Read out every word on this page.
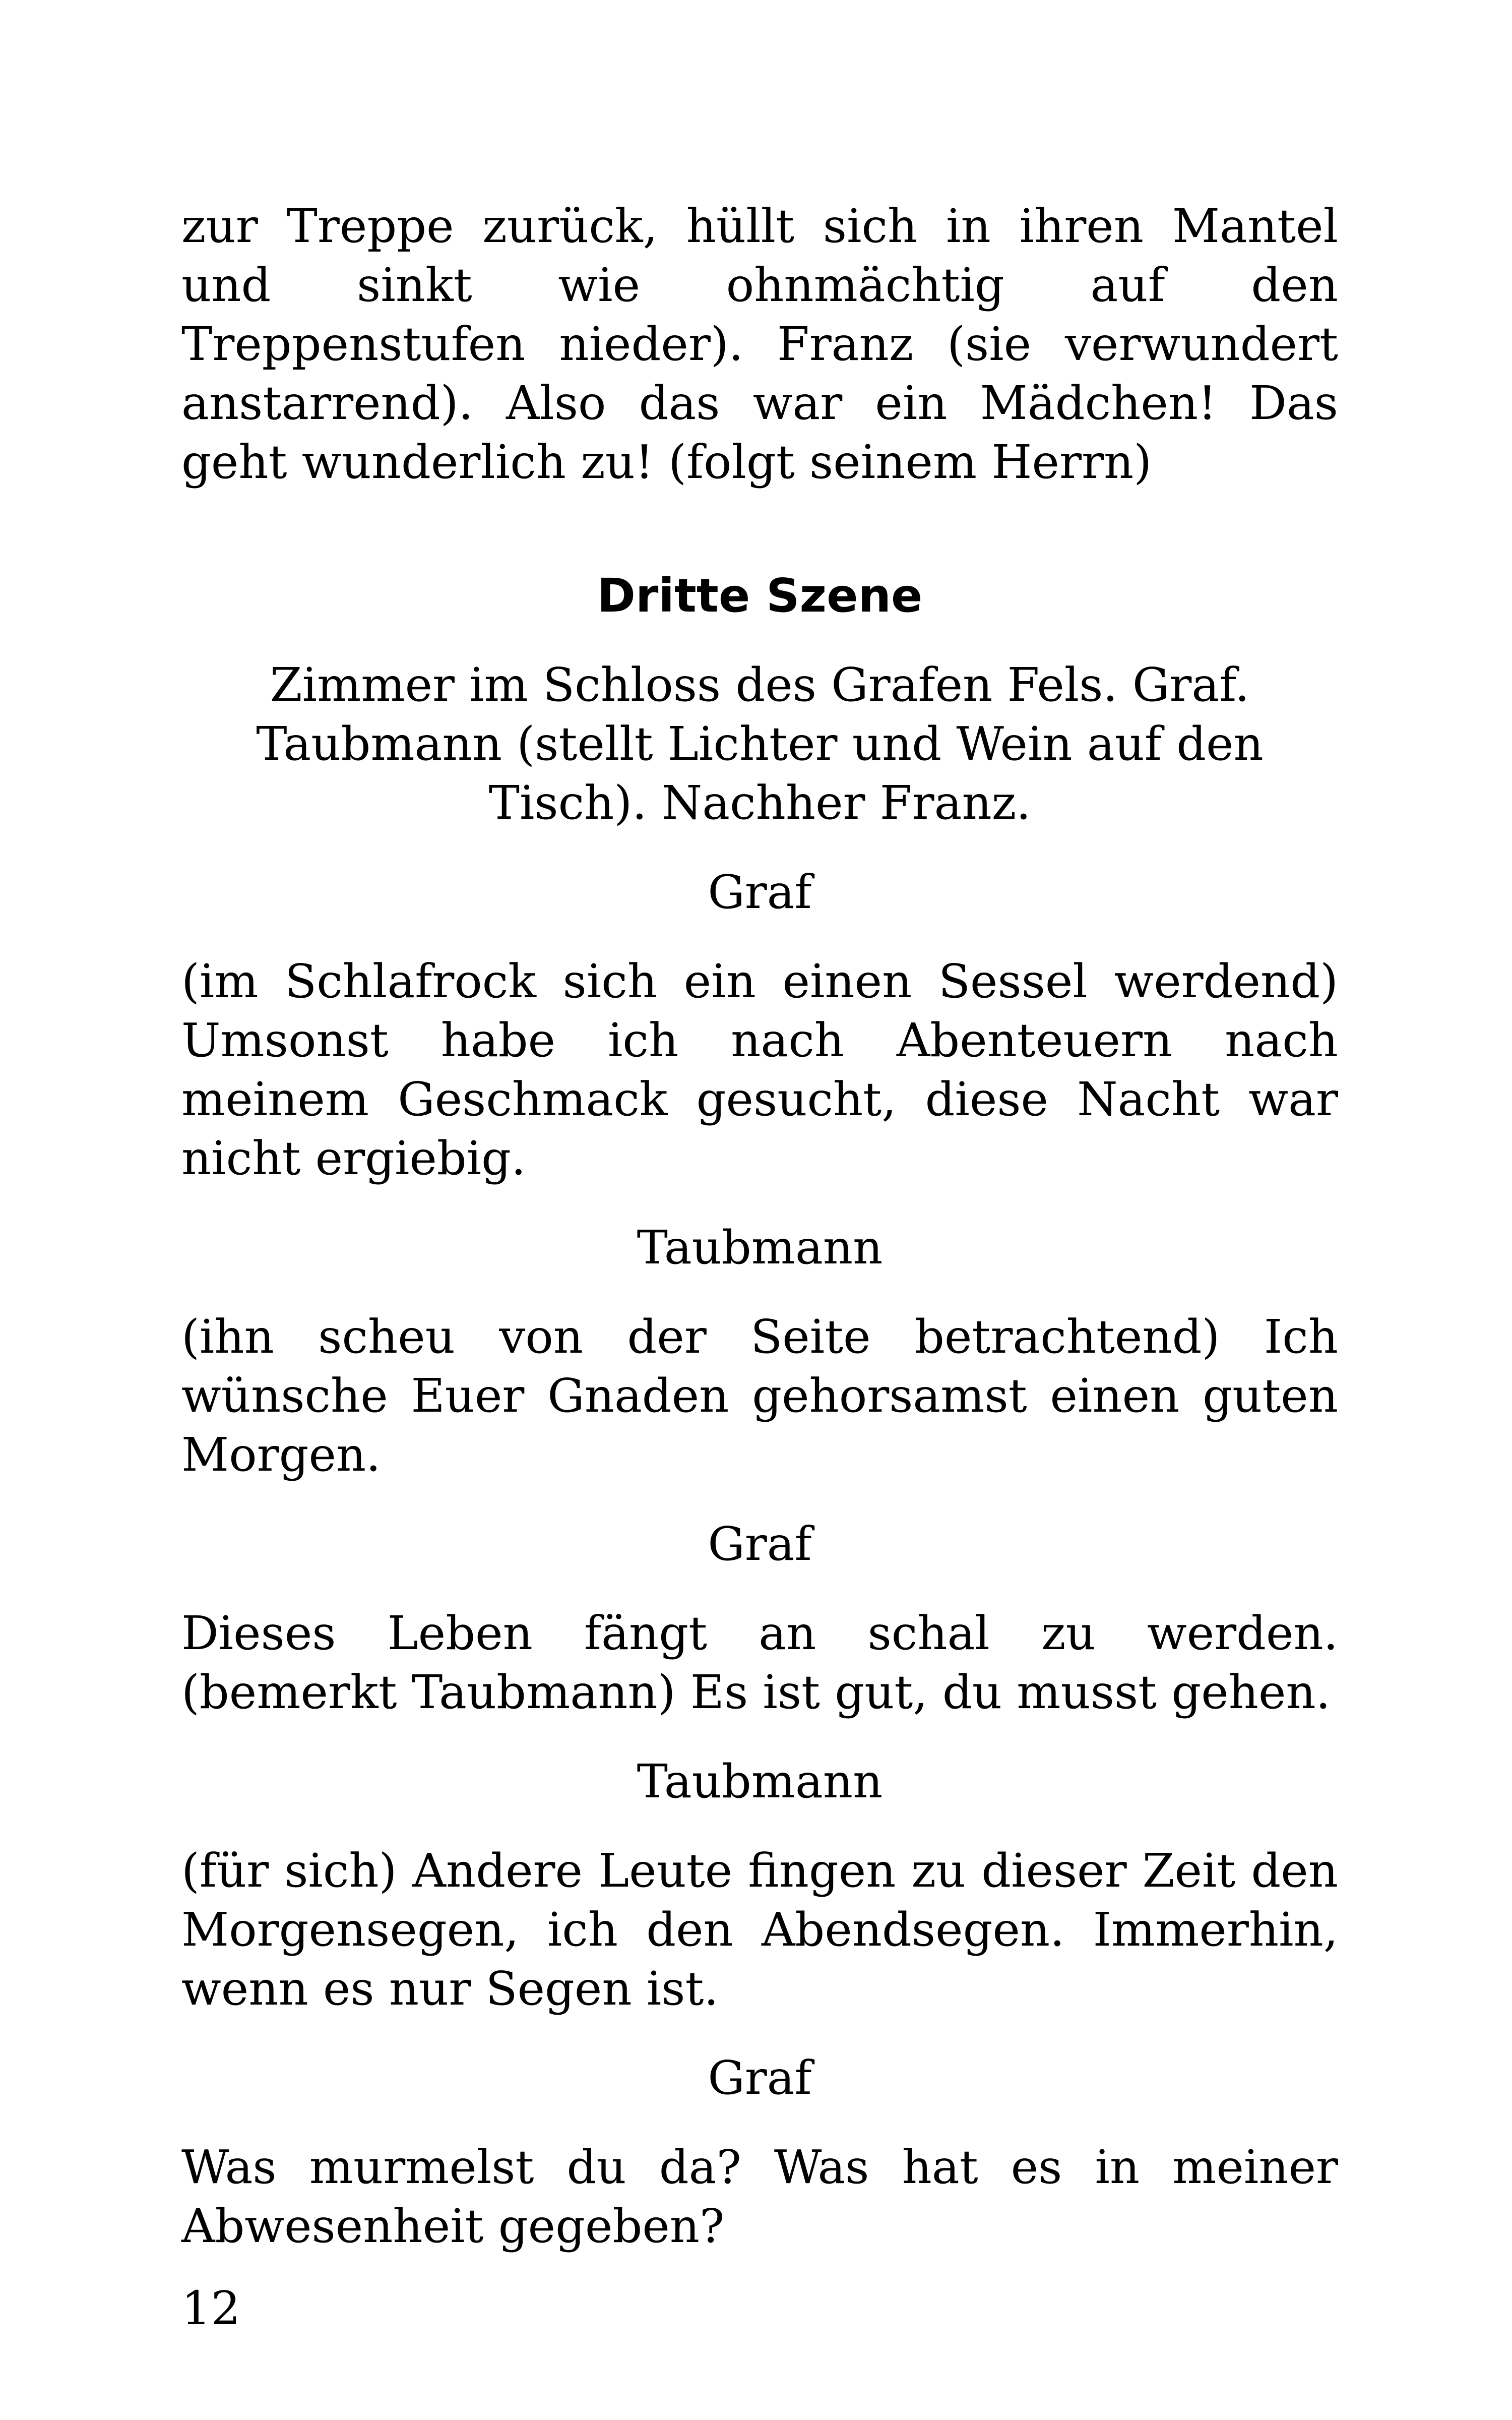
zur Treppe zurück, hüllt sich in ihren Mantel und sinkt wie ohnmächtig auf den Treppenstufen nieder). Franz (sie verwundert anstarrend). Also das war ein Mädchen! Das geht wunderlich zu! (folgt seinem Herrn)

Dritte Szene

Zimmer im Schloss des Grafen Fels. Graf. Taubmann (stellt Lichter und Wein auf den Tisch). Nachher Franz.

Graf

(im Schlafrock sich ein einen Sessel werdend) Umsonst habe ich nach Abenteuern nach meinem Geschmack gesucht, diese Nacht war nicht ergiebig.

Taubmann

(ihn scheu von der Seite betrachtend) Ich wünsche Euer Gnaden gehorsamst einen guten Morgen.

Graf

Dieses Leben fängt an schal zu werden. (bemerkt Taubmann) Es ist gut, du musst gehen.

Taubmann

(für sich) Andere Leute fingen zu dieser Zeit den Morgensegen, ich den Abendsegen. Immerhin, wenn es nur Segen ist.

Graf

Was murmelst du da? Was hat es in meiner Abwesenheit gegeben?

12
